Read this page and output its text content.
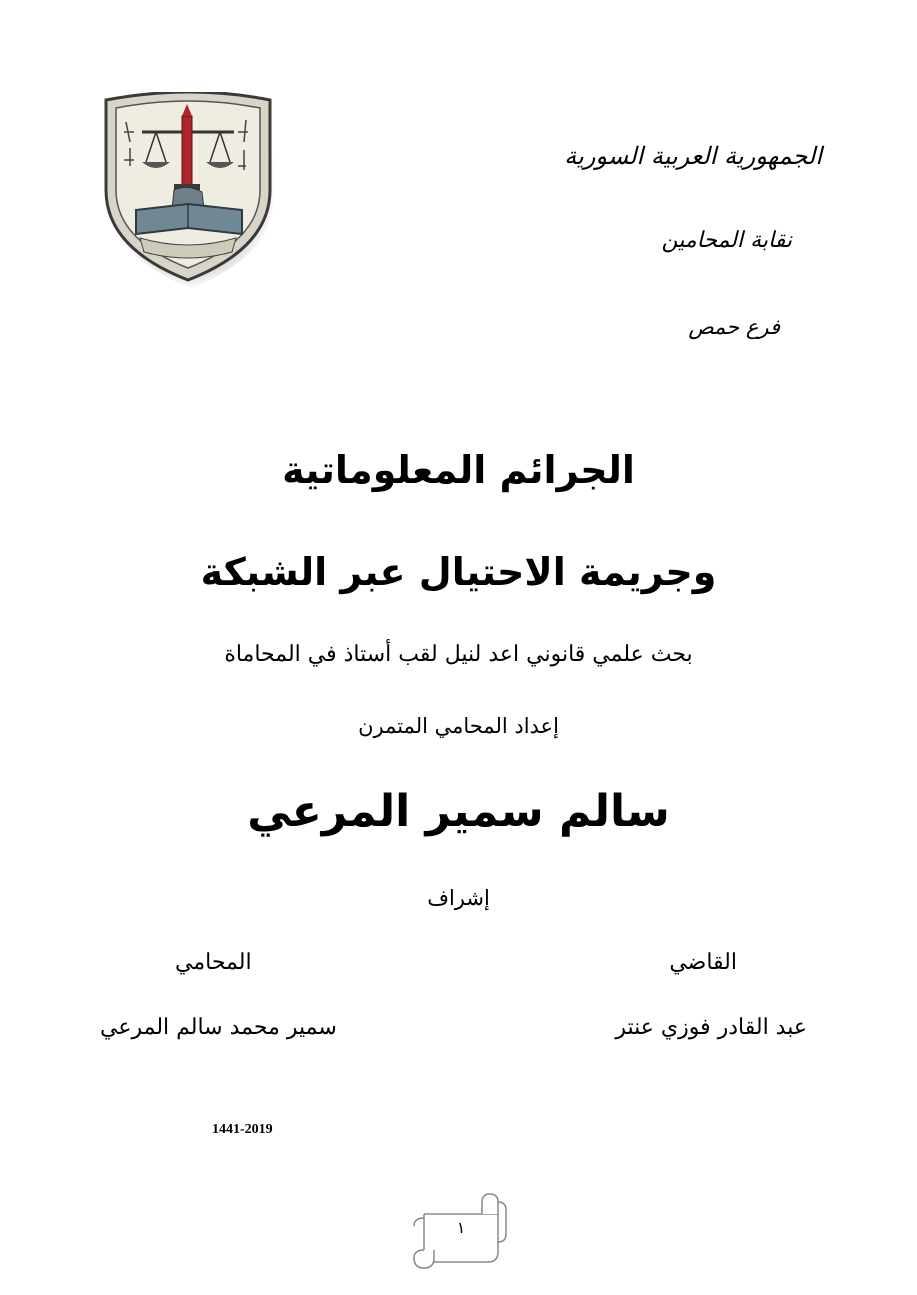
الجمهورية العربية السورية
نقابة المحامين
فرع حمص
الجرائم المعلوماتية
وجريمة الاحتيال عبر الشبكة
بحث علمي قانوني اعد لنيل لقب أستاذ في المحاماة
إعداد المحامي المتمرن
سالم سمير المرعي
إشراف
القاضي
المحامي
عبد القادر فوزي عنتر
سمير محمد سالم المرعي
1441-2019
١
